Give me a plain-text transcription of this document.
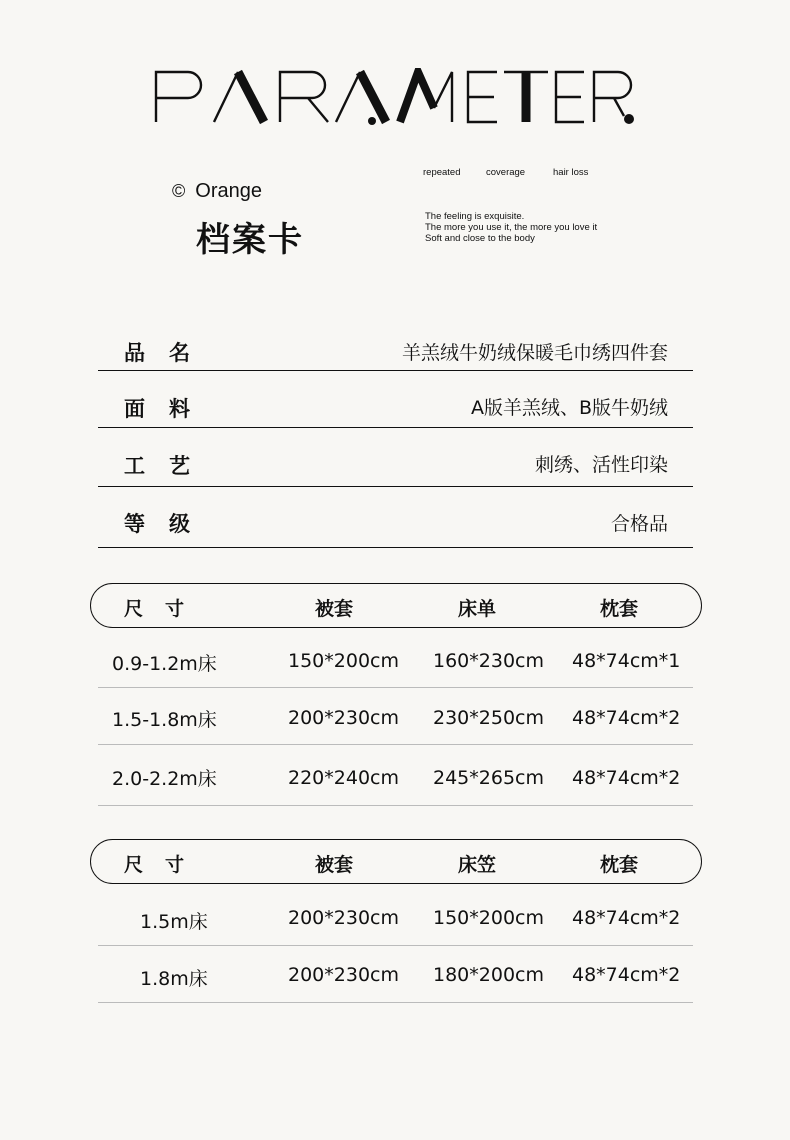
PARAMETER
© Orange
档案卡
repeated	coverage	hair loss
The feeling is exquisite.
The more you use it, the more you love it
Soft and close to the body
品名	羊羔绒牛奶绒保暖毛巾绣四件套
面料	A版羊羔绒、B版牛奶绒
工艺	刺绣、活性印染
等级	合格品
尺寸	被套	床单	枕套
0.9-1.2m床	150*200cm 160*230cm 48*74cm*1
1.5-1.8m床	200*230cm 230*250cm 48*74cm*2
2.0-2.2m床	220*240cm 245*265cm 48*74cm*2
尺寸	被套	床笠	枕套
1.5m床	200*230cm 150*200cm 48*74cm*2
1.8m床	200*230cm 180*200cm 48*74cm*2
